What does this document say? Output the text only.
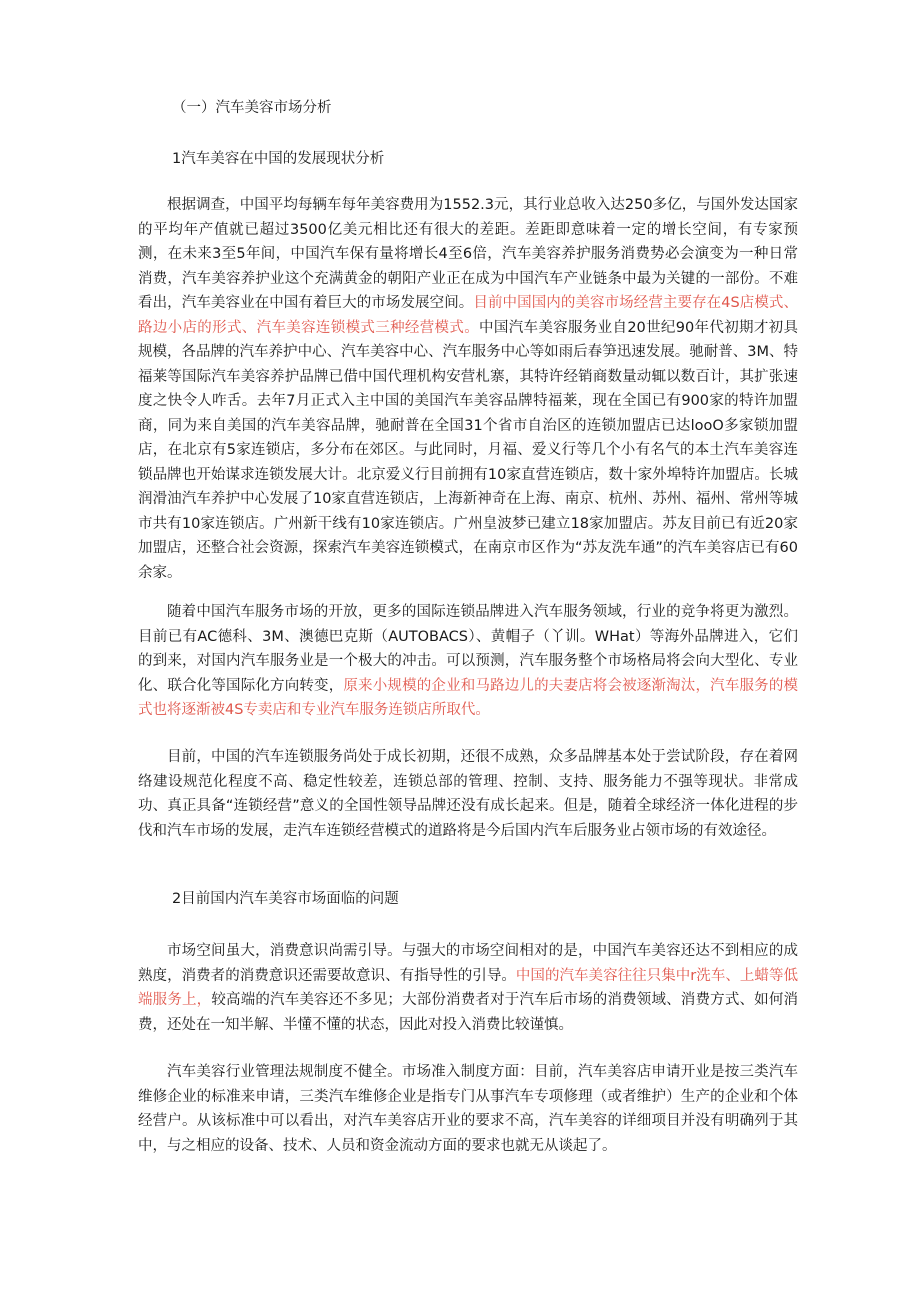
（一）汽车美容市场分析
1汽车美容在中国的发展现状分析

根据调查，中国平均每辆车每年美容费用为1552.3元，其行业总收入达250多亿，与国外发达国家的平均年产值就已超过3500亿美元相比还有很大的差距。差距即意味着一定的增长空间，有专家预测，在未来3至5年间，中国汽车保有量将增长4至6倍，汽车美容养护服务消费势必会演变为一种日常消费，汽车美容养护业这个充满黄金的朝阳产业正在成为中国汽车产业链条中最为关键的一部份。不难看出，汽车美容业在中国有着巨大的市场发展空间。目前中国国内的美容市场经营主要存在4S店模式、路边小店的形式、汽车美容连锁模式三种经营模式。中国汽车美容服务业自20世纪90年代初期才初具规模，各品牌的汽车养护中心、汽车美容中心、汽车服务中心等如雨后春笋迅速发展。驰耐普、3M、特福莱等国际汽车美容养护品牌已借中国代理机构安营札寨，其特许经销商数量动辄以数百计，其扩张速度之快令人咋舌。去年7月正式入主中国的美国汽车美容品牌特福莱，现在全国已有900家的特许加盟商，同为来自美国的汽车美容品牌，驰耐普在全国31个省市自治区的连锁加盟店已达looO多家锁加盟店，在北京有5家连锁店，多分布在郊区。与此同时，月福、爱义行等几个小有名气的本土汽车美容连锁品牌也开始谋求连锁发展大计。北京爱义行目前拥有10家直营连锁店，数十家外埠特许加盟店。长城润滑油汽车养护中心发展了10家直营连锁店，上海新神奇在上海、南京、杭州、苏州、福州、常州等城市共有10家连锁店。广州新干线有10家连锁店。广州皇波梦已建立18家加盟店。苏友目前已有近20家加盟店，还整合社会资源，探索汽车美容连锁模式，在南京市区作为“苏友洗车通”的汽车美容店已有60余家。

随着中国汽车服务市场的开放，更多的国际连锁品牌进入汽车服务领域，行业的竞争将更为激烈。目前已有AC德科、3M、澳德巴克斯（AUTOBACS）、黄帽子（丫训。WHat）等海外品牌进入，它们的到来，对国内汽车服务业是一个极大的冲击。可以预测，汽车服务整个市场格局将会向大型化、专业化、联合化等国际化方向转变，原来小规模的企业和马路边儿的夫妻店将会被逐渐淘汰，汽车服务的模式也将逐渐被4S专卖店和专业汽车服务连锁店所取代。

目前，中国的汽车连锁服务尚处于成长初期，还很不成熟，众多品牌基本处于尝试阶段，存在着网络建设规范化程度不高、稳定性较差，连锁总部的管理、控制、支持、服务能力不强等现状。非常成功、真正具备“连锁经营”意义的全国性领导品牌还没有成长起来。但是，随着全球经济一体化进程的步伐和汽车市场的发展，走汽车连锁经营模式的道路将是今后国内汽车后服务业占领市场的有效途径。

2目前国内汽车美容市场面临的问题

市场空间虽大，消费意识尚需引导。与强大的市场空间相对的是，中国汽车美容还达不到相应的成熟度，消费者的消费意识还需要故意识、有指导性的引导。中国的汽车美容往往只集中r洗车、上蜡等低端服务上，较高端的汽车美容还不多见；大部份消费者对于汽车后市场的消费领域、消费方式、如何消费，还处在一知半解、半懂不懂的状态，因此对投入消费比较谨慎。

汽车美容行业管理法规制度不健全。市场准入制度方面：目前，汽车美容店申请开业是按三类汽车维修企业的标准来申请，三类汽车维修企业是指专门从事汽车专项修理（或者维护）生产的企业和个体经营户。从该标准中可以看出，对汽车美容店开业的要求不高，汽车美容的详细项目并没有明确列于其中，与之相应的设备、技术、人员和资金流动方面的要求也就无从谈起了。
